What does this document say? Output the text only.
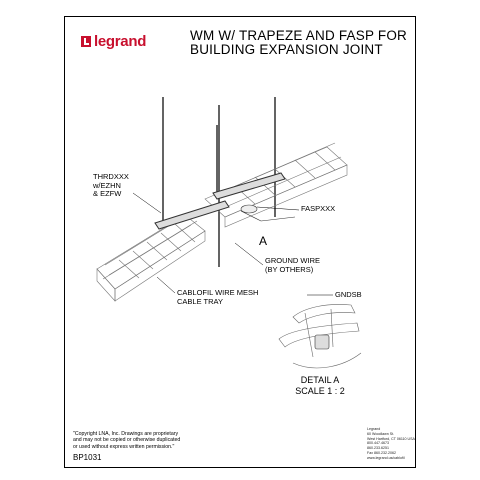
legrand	WM W/ TRAPEZE AND FASP FOR
BUILDING EXPANSION JOINT
THRDXXX
w/EZHN
& EZFW
FASPXXX
A
GROUND WIRE
(BY OTHERS)
CABLOFIL WIRE MESH
CABLE TRAY
GNDSB
DETAIL A
SCALE 1 : 2
"Copyright LNA, Inc. Drawings are proprietary
and may not be copied or otherwise duplicated
or used without express written permission."
BP1031
Legrand
60 Woodlawn St.
West Hartford, CT 06110 USA
800.447.4673
860.233.6251
Fax 860.232.2062
www.legrand.us/cablofil
